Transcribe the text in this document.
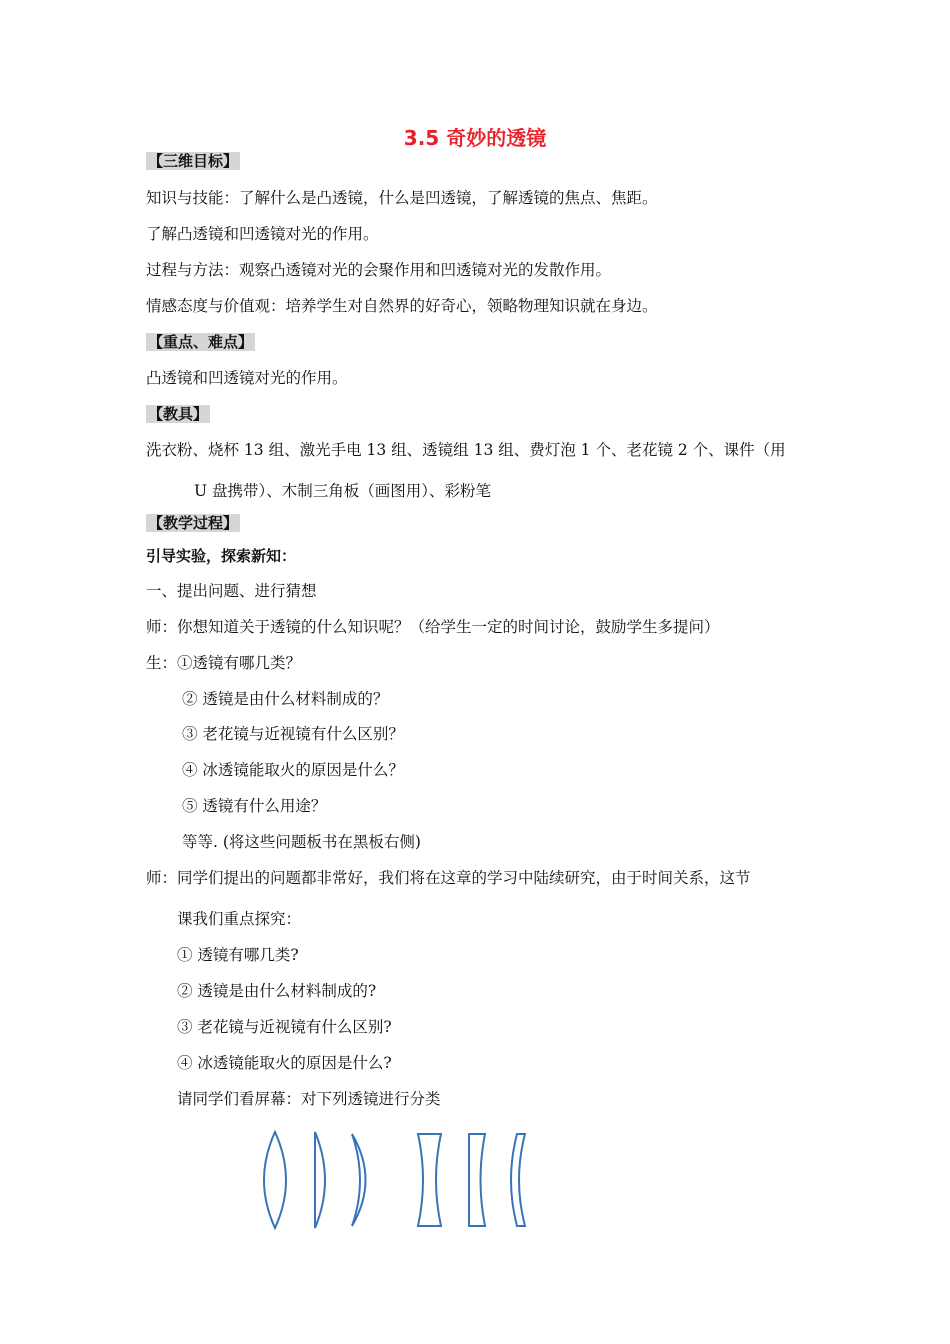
3.5 奇妙的透镜
【三维目标】
知识与技能：了解什么是凸透镜，什么是凹透镜，了解透镜的焦点、焦距。
了解凸透镜和凹透镜对光的作用。
过程与方法：观察凸透镜对光的会聚作用和凹透镜对光的发散作用。
情感态度与价值观：培养学生对自然界的好奇心，领略物理知识就在身边。
【重点、难点】
凸透镜和凹透镜对光的作用。
【教具】
洗衣粉、烧杯 13 组、激光手电 13 组、透镜组 13 组、费灯泡 1 个、老花镜 2 个、课件（用
U 盘携带）、木制三角板（画图用）、彩粉笔
【教学过程】
引导实验，探索新知：
一、提出问题、进行猜想
师：你想知道关于透镜的什么知识呢？（给学生一定的时间讨论，鼓励学生多提问）
生：①透镜有哪几类？
② 透镜是由什么材料制成的？
③ 老花镜与近视镜有什么区别？
④ 冰透镜能取火的原因是什么？
⑤ 透镜有什么用途？
等等. (将这些问题板书在黑板右侧)
师：同学们提出的问题都非常好，我们将在这章的学习中陆续研究，由于时间关系，这节
课我们重点探究：
① 透镜有哪几类?
② 透镜是由什么材料制成的?
③ 老花镜与近视镜有什么区别?
④ 冰透镜能取火的原因是什么?
请同学们看屏幕：对下列透镜进行分类
